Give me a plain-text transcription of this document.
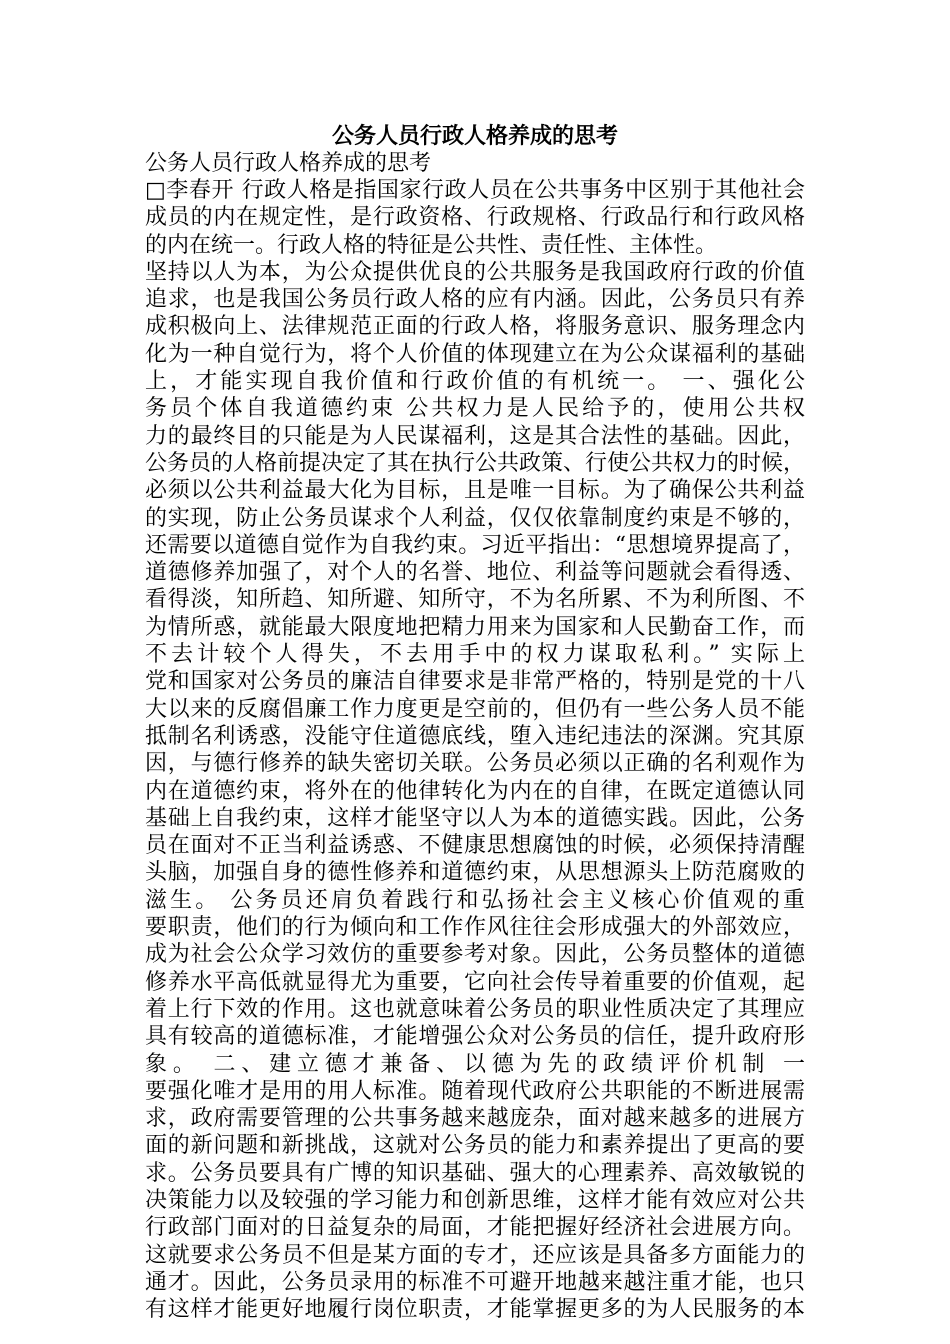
公务人员行政人格养成的思考

公务人员行政人格养成的思考

□李春开 行政人格是指国家行政人员在公共事务中区别于其他社会
成员的内在规定性，是行政资格、行政规格、行政品行和行政风格
的内在统一。行政人格的特征是公共性、责任性、主体性。
坚持以人为本，为公众提供优良的公共服务是我国政府行政的价值
追求，也是我国公务员行政人格的应有内涵。因此，公务员只有养
成积极向上、法律规范正面的行政人格，将服务意识、服务理念内
化为一种自觉行为，将个人价值的体现建立在为公众谋福利的基础
上，才能实现自我价值和行政价值的有机统一。 一、强化公
务员个体自我道德约束 公共权力是人民给予的，使用公共权
力的最终目的只能是为人民谋福利，这是其合法性的基础。因此，
公务员的人格前提决定了其在执行公共政策、行使公共权力的时候，
必须以公共利益最大化为目标，且是唯一目标。为了确保公共利益
的实现，防止公务员谋求个人利益，仅仅依靠制度约束是不够的，
还需要以道德自觉作为自我约束。习近平指出：“思想境界提高了，
道德修养加强了，对个人的名誉、地位、利益等问题就会看得透、
看得淡，知所趋、知所避、知所守，不为名所累、不为利所图、不
为情所惑，就能最大限度地把精力用来为国家和人民勤奋工作，而
不去计较个人得失，不去用手中的权力谋取私利。” 实际上
党和国家对公务员的廉洁自律要求是非常严格的，特别是党的十八
大以来的反腐倡廉工作力度更是空前的，但仍有一些公务人员不能
抵制名利诱惑，没能守住道德底线，堕入违纪违法的深渊。究其原
因，与德行修养的缺失密切关联。公务员必须以正确的名利观作为
内在道德约束，将外在的他律转化为内在的自律，在既定道德认同
基础上自我约束，这样才能坚守以人为本的道德实践。因此，公务
员在面对不正当利益诱惑、不健康思想腐蚀的时候，必须保持清醒
头脑，加强自身的德性修养和道德约束，从思想源头上防范腐败的
滋生。 公务员还肩负着践行和弘扬社会主义核心价值观的重
要职责，他们的行为倾向和工作作风往往会形成强大的外部效应，
成为社会公众学习效仿的重要参考对象。因此，公务员整体的道德
修养水平高低就显得尤为重要，它向社会传导着重要的价值观，起
着上行下效的作用。这也就意味着公务员的职业性质决定了其理应
具有较高的道德标准，才能增强公众对公务员的信任，提升政府形
象。 二、建立德才兼备、以德为先的政绩评价机制 一
要强化唯才是用的用人标准。随着现代政府公共职能的不断进展需
求，政府需要管理的公共事务越来越庞杂，面对越来越多的进展方
面的新问题和新挑战，这就对公务员的能力和素养提出了更高的要
求。公务员要具有广博的知识基础、强大的心理素养、高效敏锐的
决策能力以及较强的学习能力和创新思维，这样才能有效应对公共
行政部门面对的日益复杂的局面，才能把握好经济社会进展方向。
这就要求公务员不但是某方面的专才，还应该是具备多方面能力的
通才。因此，公务员录用的标准不可避开地越来越注重才能，也只
有这样才能更好地履行岗位职责，才能掌握更多的为人民服务的本
